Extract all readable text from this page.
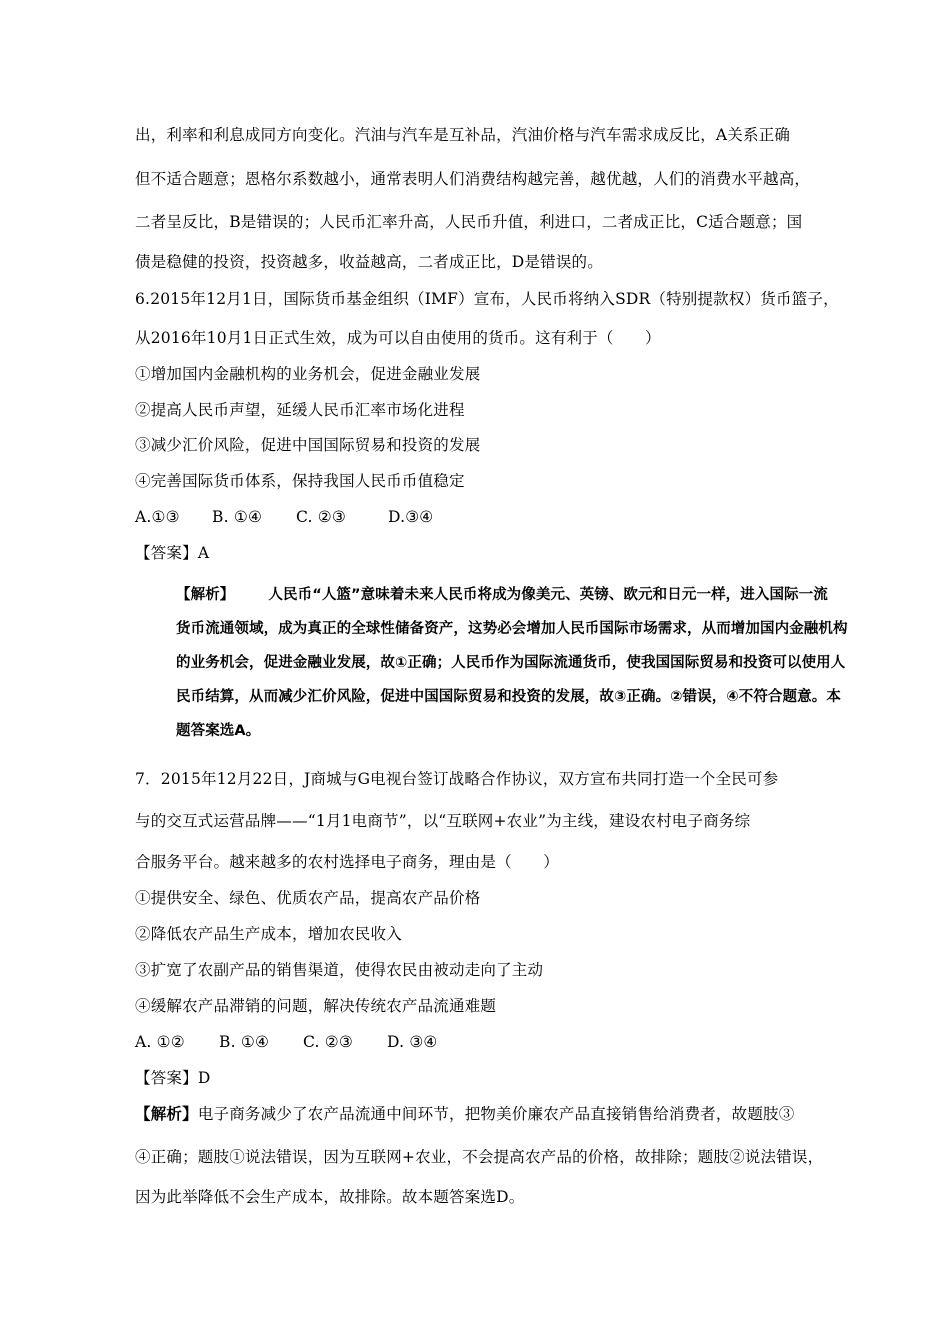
出，利率和利息成同方向变化。汽油与汽车是互补品，汽油价格与汽车需求成反比，A关系正确
但不适合题意；恩格尔系数越小，通常表明人们消费结构越完善，越优越，人们的消费水平越高，
二者呈反比，B是错误的；人民币汇率升高，人民币升值，利进口，二者成正比，C适合题意；国
债是稳健的投资，投资越多，收益越高，二者成正比，D是错误的。
6.2015年12月1日，国际货币基金组织（IMF）宣布，人民币将纳入SDR（特别提款权）货币篮子，
从2016年10月1日正式生效，成为可以自由使用的货币。这有利于（　　）
①增加国内金融机构的业务机会，促进金融业发展
②提高人民币声望，延缓人民币汇率市场化进程
③减少汇价风险，促进中国国际贸易和投资的发展
④完善国际货币体系，保持我国人民币币值稳定
A.①③ B. ①④ C. ②③	D.③④
【答案】A
【解析】 人民币“人篮”意味着未来人民币将成为像美元、英镑、欧元和日元一样，进入国际一流
货币流通领域，成为真正的全球性储备资产，这势必会增加人民币国际市场需求，从而增加国内金融机构
的业务机会，促进金融业发展，故①正确；人民币作为国际流通货币，使我国国际贸易和投资可以使用人
民币结算，从而减少汇价风险，促进中国国际贸易和投资的发展，故③正确。②错误，④不符合题意。本
题答案选A。
7．2015年12月22日，J商城与G电视台签订战略合作协议，双方宣布共同打造一个全民可参
与的交互式运营品牌——“1月1电商节”，以“互联网+农业”为主线，建设农村电子商务综
合服务平台。越来越多的农村选择电子商务，理由是（　　）
①提供安全、绿色、优质农产品，提高农产品价格
②降低农产品生产成本，增加农民收入
③扩宽了农副产品的销售渠道，使得农民由被动走向了主动
④缓解农产品滞销的问题，解决传统农产品流通难题
A. ①② B. ①④ C. ②③ D. ③④
【答案】D
【解析】电子商务减少了农产品流通中间环节，把物美价廉农产品直接销售给消费者，故题肢③
④正确；题肢①说法错误，因为互联网+农业，不会提高农产品的价格，故排除；题肢②说法错误，
因为此举降低不会生产成本，故排除。故本题答案选D。
